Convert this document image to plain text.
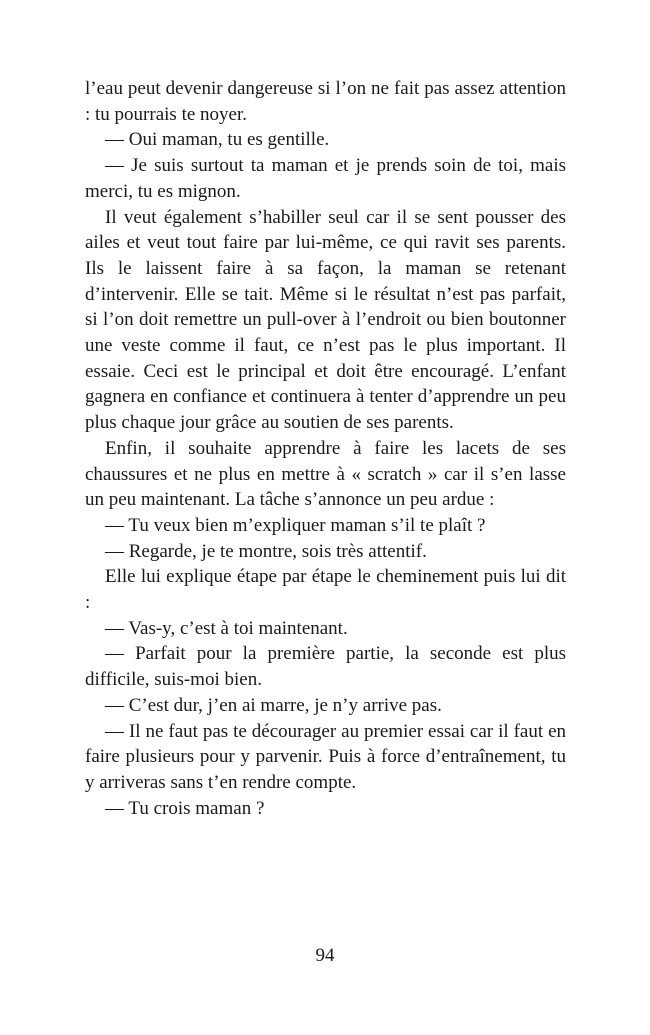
l’eau peut devenir dangereuse si l’on ne fait pas assez attention : tu pourrais te noyer.

— Oui maman, tu es gentille.

— Je suis surtout ta maman et je prends soin de toi, mais merci, tu es mignon.

Il veut également s’habiller seul car il se sent pousser des ailes et veut tout faire par lui-même, ce qui ravit ses parents. Ils le laissent faire à sa façon, la maman se retenant d’intervenir. Elle se tait. Même si le résultat n’est pas parfait, si l’on doit remettre un pull-over à l’endroit ou bien boutonner une veste comme il faut, ce n’est pas le plus important. Il essaie. Ceci est le principal et doit être encouragé. L’enfant gagnera en confiance et continuera à tenter d’apprendre un peu plus chaque jour grâce au soutien de ses parents.

Enfin, il souhaite apprendre à faire les lacets de ses chaussures et ne plus en mettre à « scratch » car il s’en lasse un peu maintenant. La tâche s’annonce un peu ardue :

— Tu veux bien m’expliquer maman s’il te plaît ?

— Regarde, je te montre, sois très attentif.

Elle lui explique étape par étape le cheminement puis lui dit :

— Vas-y, c’est à toi maintenant.

— Parfait pour la première partie, la seconde est plus difficile, suis-moi bien.

— C’est dur, j’en ai marre, je n’y arrive pas.

— Il ne faut pas te décourager au premier essai car il faut en faire plusieurs pour y parvenir. Puis à force d’entraînement, tu y arriveras sans t’en rendre compte.

— Tu crois maman ?

94
